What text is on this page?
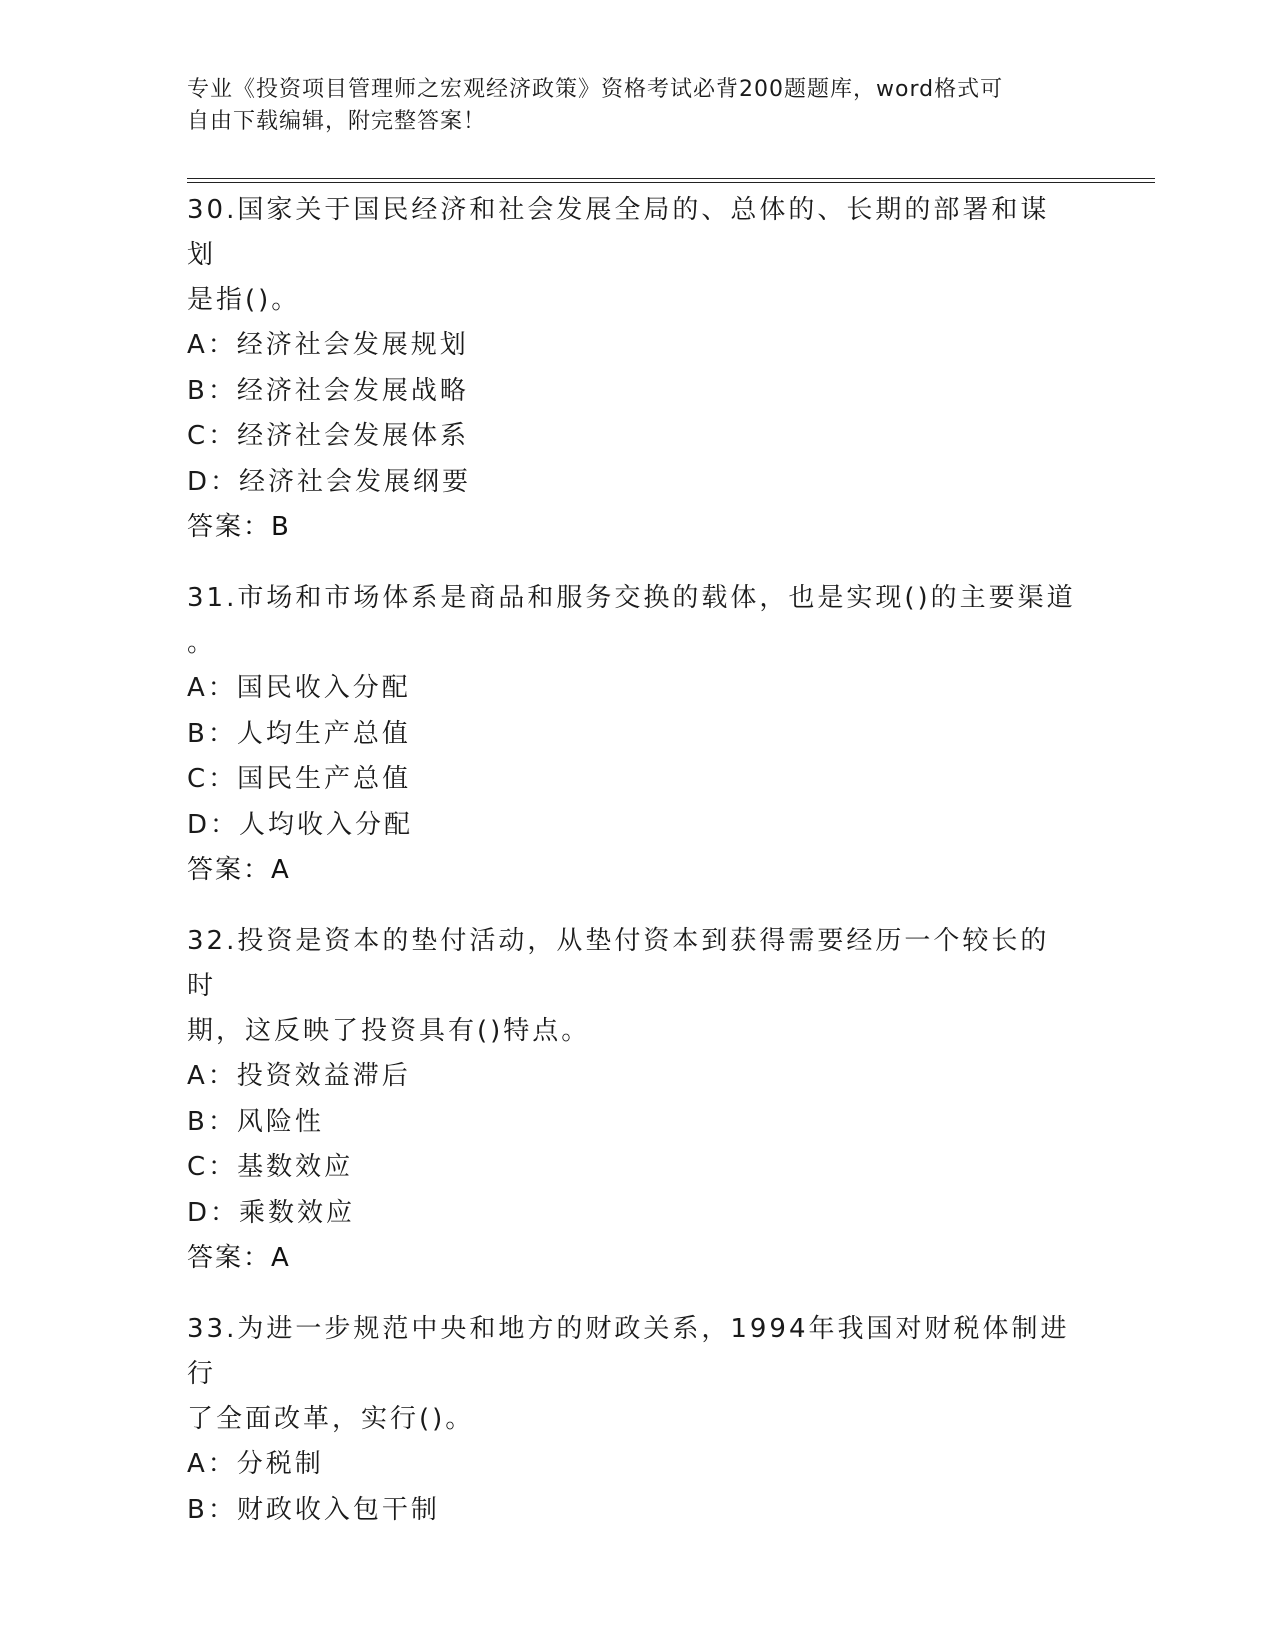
专业《投资项目管理师之宏观经济政策》资格考试必背200题题库，word格式可
自由下载编辑，附完整答案！

30.国家关于国民经济和社会发展全局的、总体的、长期的部署和谋划
是指()。

A：经济社会发展规划

B：经济社会发展战略

C：经济社会发展体系

D：经济社会发展纲要

答案：B

31.市场和市场体系是商品和服务交换的载体，也是实现()的主要渠道
。

A：国民收入分配

B：人均生产总值

C：国民生产总值

D：人均收入分配

答案：A

32.投资是资本的垫付活动，从垫付资本到获得需要经历一个较长的时
期，这反映了投资具有()特点。

A：投资效益滞后

B：风险性

C：基数效应

D：乘数效应

答案：A

33.为进一步规范中央和地方的财政关系，1994年我国对财税体制进行
了全面改革，实行()。

A：分税制

B：财政收入包干制
